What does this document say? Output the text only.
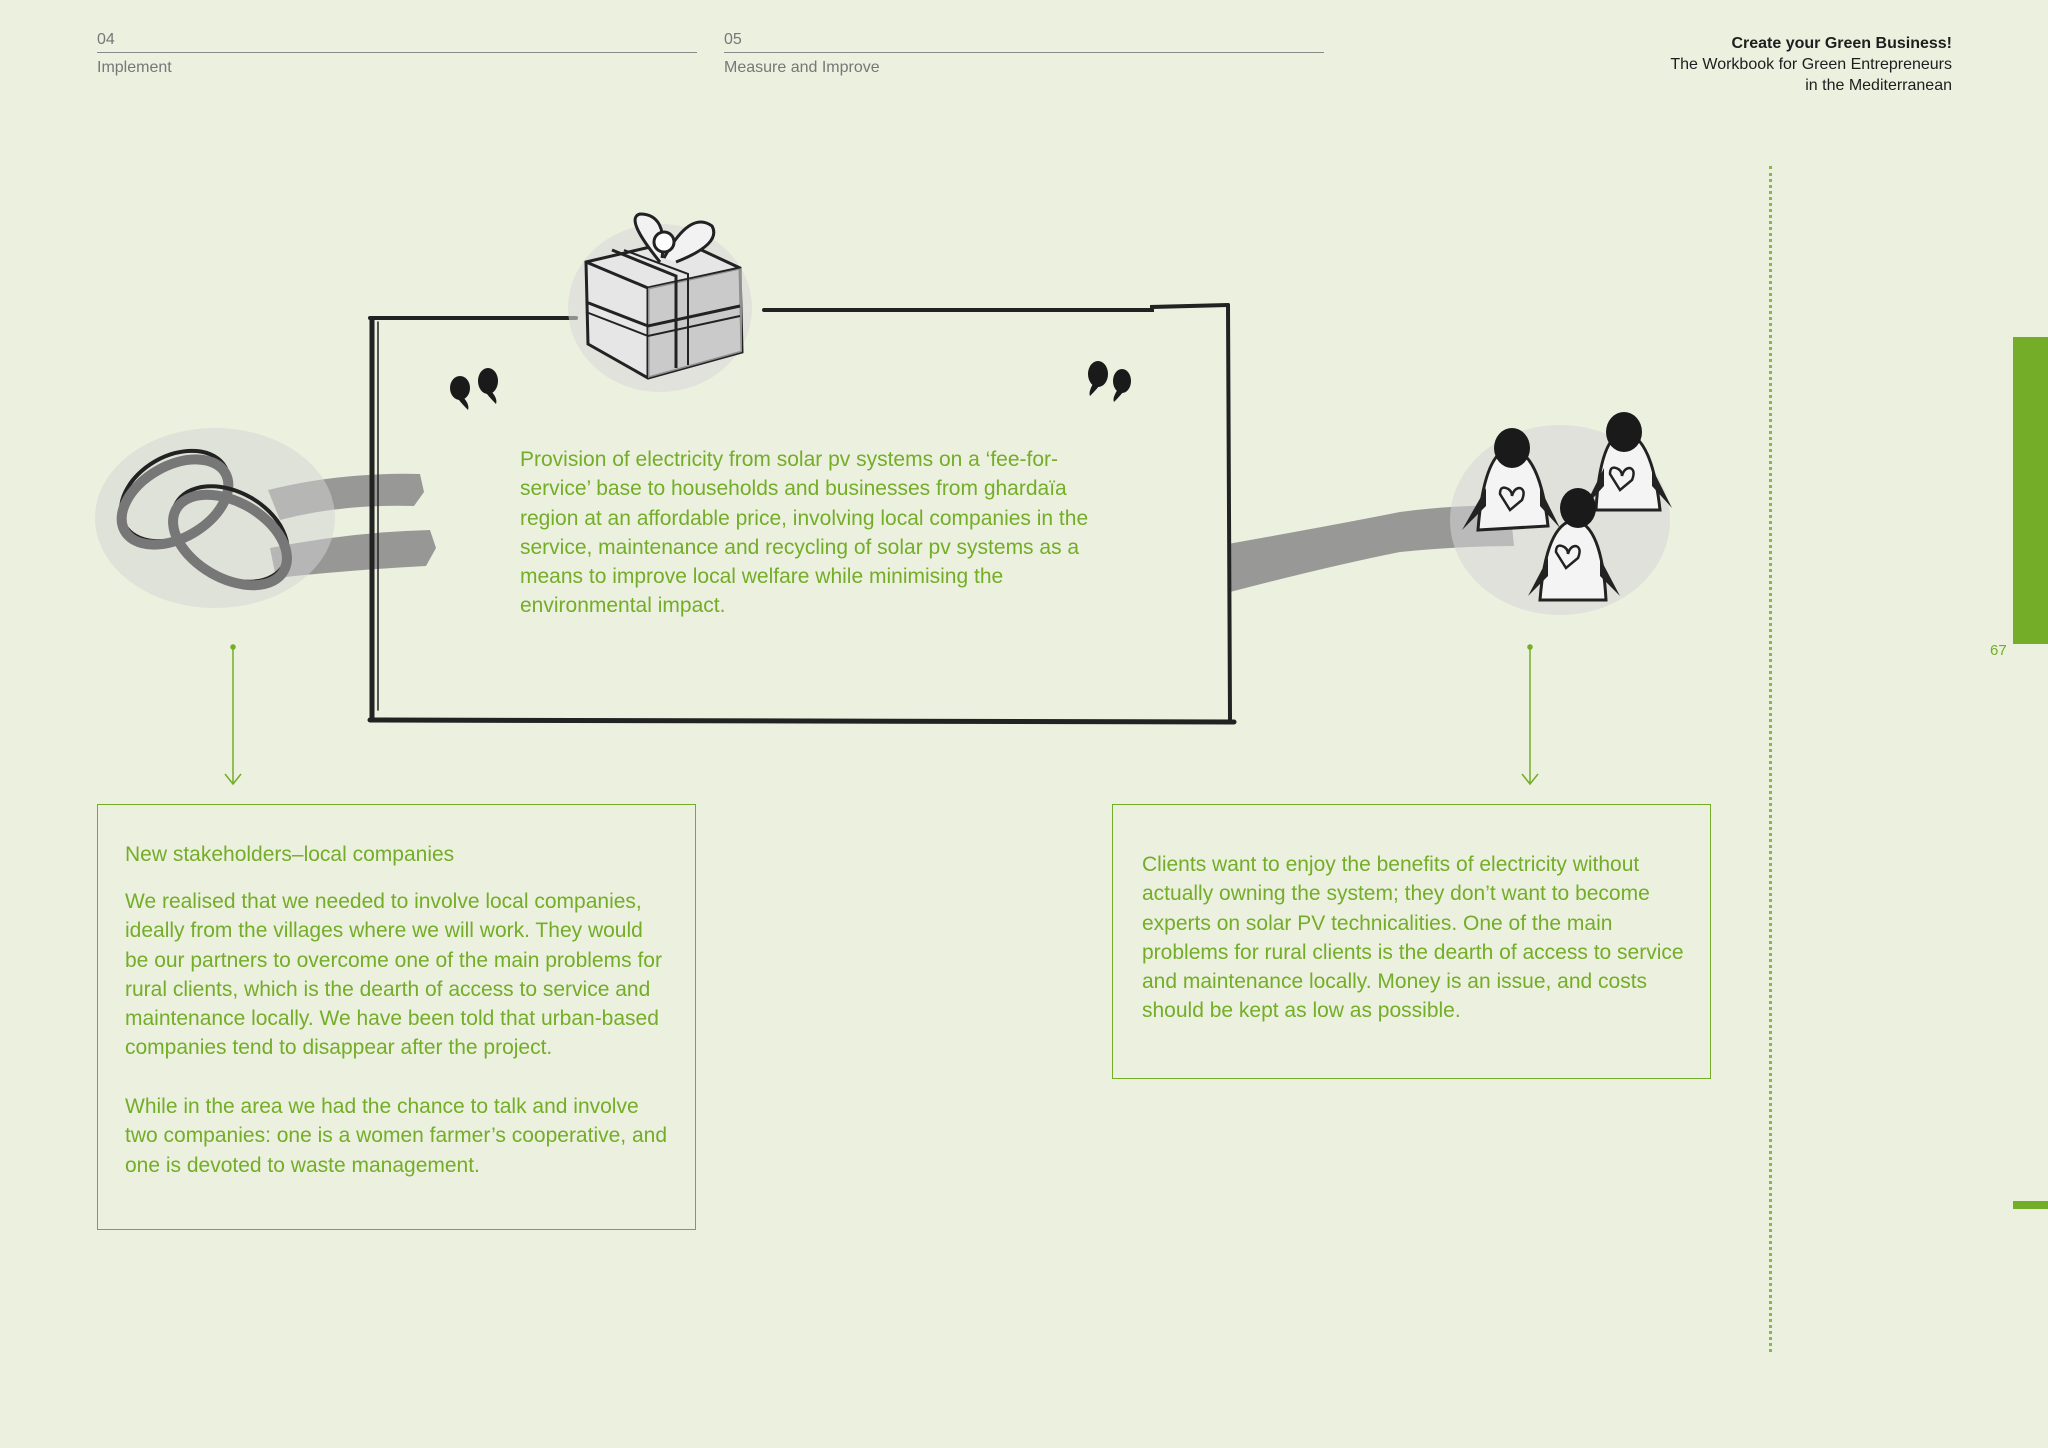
04
Implement
05
Measure and Improve
Create your Green Business!
The Workbook for Green Entrepreneurs
in the Mediterranean
67
Provision of electricity from solar pv systems on a ‘fee-for-service’ base to households and businesses from ghardaïa region at an affordable price, involving local companies in the service, maintenance and recycling of solar pv systems as a means to improve local welfare while minimising the environmental impact.
New stakeholders–local companies

We realised that we needed to involve local companies, ideally from the villages where we will work. They would be our partners to overcome one of the main problems for rural clients, which is the dearth of access to service and maintenance locally. We have been told that urban-based companies tend to disappear after the project.

While in the area we had the chance to talk and involve two companies: one is a women farmer’s cooperative, and one is devoted to waste management.

Clients want to enjoy the benefits of electricity without actually owning the system; they don’t want to become experts on solar PV technicalities. One of the main problems for rural clients is the dearth of access to service and maintenance locally. Money is an issue, and costs should be kept as low as possible.
